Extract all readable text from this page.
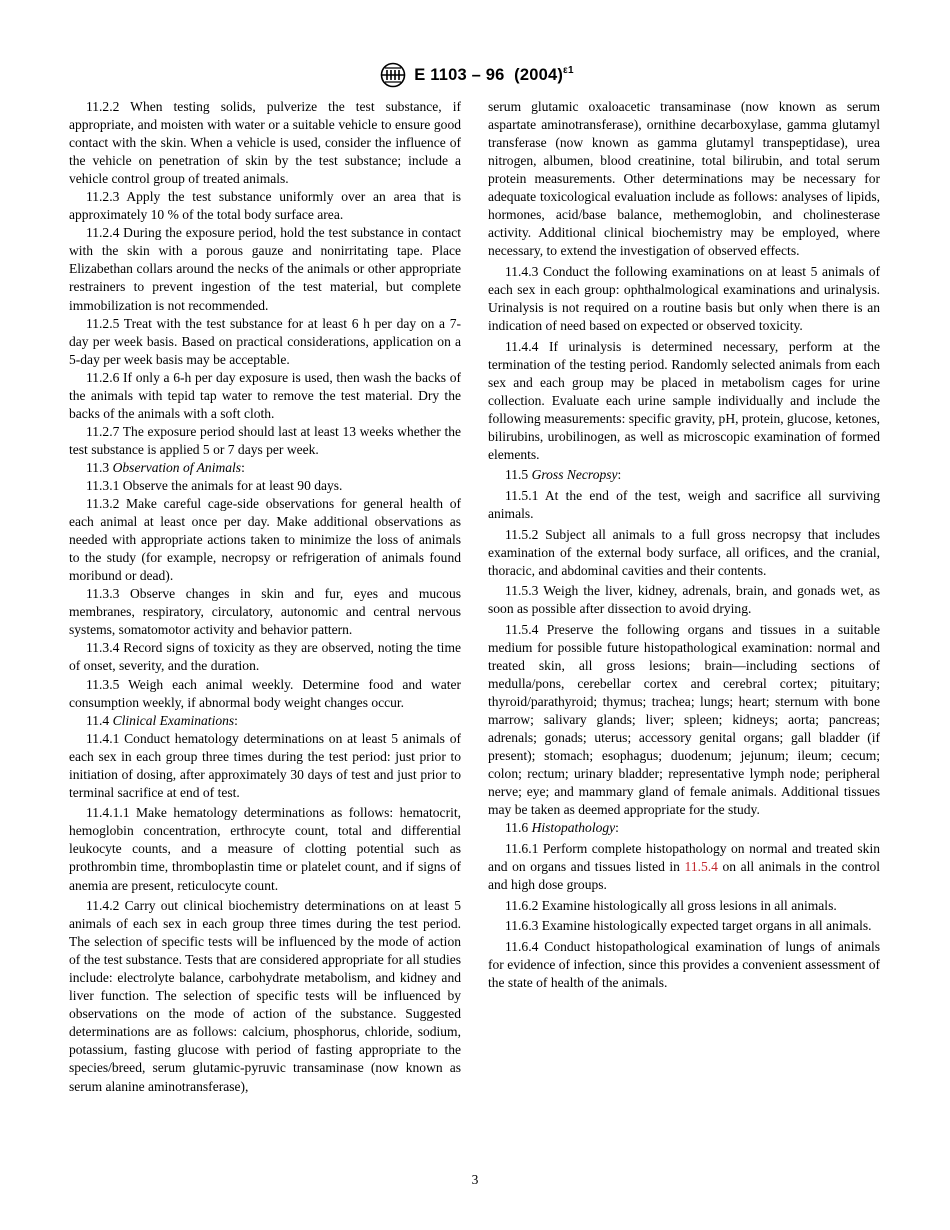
E 1103 – 96 $(2004)^{\varepsilon 1}$

11.2.2 When testing solids, pulverize the test substance, if appropriate, and moisten with water or a suitable vehicle to ensure good contact with the skin. When a vehicle is used, consider the influence of the vehicle on penetration of skin by the test substance; include a vehicle control group of treated animals.

11.2.3 Apply the test substance uniformly over an area that is approximately 10 % of the total body surface area.

11.2.4 During the exposure period, hold the test substance in contact with the skin with a porous gauze and nonirritating tape. Place Elizabethan collars around the necks of the animals or other appropriate restrainers to prevent ingestion of the test material, but complete immobilization is not recommended.

11.2.5 Treat with the test substance for at least 6 h per day on a 7-day per week basis. Based on practical considerations, application on a 5-day per week basis may be acceptable.

11.2.6 If only a 6-h per day exposure is used, then wash the backs of the animals with tepid tap water to remove the test material. Dry the backs of the animals with a soft cloth.

11.2.7 The exposure period should last at least 13 weeks whether the test substance is applied 5 or 7 days per week.

11.3 Observation of Animals:

11.3.1 Observe the animals for at least 90 days.

11.3.2 Make careful cage-side observations for general health of each animal at least once per day. Make additional observations as needed with appropriate actions taken to minimize the loss of animals to the study (for example, necropsy or refrigeration of animals found moribund or dead).

11.3.3 Observe changes in skin and fur, eyes and mucous membranes, respiratory, circulatory, autonomic and central nervous systems, somatomotor activity and behavior pattern.

11.3.4 Record signs of toxicity as they are observed, noting the time of onset, severity, and the duration.

11.3.5 Weigh each animal weekly. Determine food and water consumption weekly, if abnormal body weight changes occur.

11.4 Clinical Examinations:

11.4.1 Conduct hematology determinations on at least 5 animals of each sex in each group three times during the test period: just prior to initiation of dosing, after approximately 30 days of test and just prior to terminal sacrifice at end of test.

11.4.1.1 Make hematology determinations as follows: hematocrit, hemoglobin concentration, erthrocyte count, total and differential leukocyte counts, and a measure of clotting potential such as prothrombin time, thromboplastin time or platelet count, and if signs of anemia are present, reticulocyte count.

11.4.2 Carry out clinical biochemistry determinations on at least 5 animals of each sex in each group three times during the test period. The selection of specific tests will be influenced by the mode of action of the test substance. Tests that are considered appropriate for all studies include: electrolyte balance, carbohydrate metabolism, and kidney and liver function. The selection of specific tests will be influenced by observations on the mode of action of the substance. Suggested determinations are as follows: calcium, phosphorus, chloride, sodium, potassium, fasting glucose with period of fasting appropriate to the species/breed, serum glutamic-pyruvic transaminase (now known as serum alanine aminotransferase),

serum glutamic oxaloacetic transaminase (now known as serum aspartate aminotransferase), ornithine decarboxylase, gamma glutamyl transferase (now known as gamma glutamyl transpeptidase), urea nitrogen, albumen, blood creatinine, total bilirubin, and total serum protein measurements. Other determinations may be necessary for adequate toxicological evaluation include as follows: analyses of lipids, hormones, acid/base balance, methemoglobin, and cholinesterase activity. Additional clinical biochemistry may be employed, where necessary, to extend the investigation of observed effects.

11.4.3 Conduct the following examinations on at least 5 animals of each sex in each group: ophthalmological examinations and urinalysis. Urinalysis is not required on a routine basis but only when there is an indication of need based on expected or observed toxicity.

11.4.4 If urinalysis is determined necessary, perform at the termination of the testing period. Randomly selected animals from each sex and each group may be placed in metabolism cages for urine collection. Evaluate each urine sample individually and include the following measurements: specific gravity, pH, protein, glucose, ketones, bilirubins, urobilinogen, as well as microscopic examination of formed elements.

11.5 Gross Necropsy:

11.5.1 At the end of the test, weigh and sacrifice all surviving animals.

11.5.2 Subject all animals to a full gross necropsy that includes examination of the external body surface, all orifices, and the cranial, thoracic, and abdominal cavities and their contents.

11.5.3 Weigh the liver, kidney, adrenals, brain, and gonads wet, as soon as possible after dissection to avoid drying.

11.5.4 Preserve the following organs and tissues in a suitable medium for possible future histopathological examination: normal and treated skin, all gross lesions; brain—including sections of medulla/pons, cerebellar cortex and cerebral cortex; pituitary; thyroid/parathyroid; thymus; trachea; lungs; heart; sternum with bone marrow; salivary glands; liver; spleen; kidneys; aorta; pancreas; adrenals; gonads; uterus; accessory genital organs; gall bladder (if present); stomach; esophagus; duodenum; jejunum; ileum; cecum; colon; rectum; urinary bladder; representative lymph node; peripheral nerve; eye; and mammary gland of female animals. Additional tissues may be taken as deemed appropriate for the study.

11.6 Histopathology:

11.6.1 Perform complete histopathology on normal and treated skin and on organs and tissues listed in 11.5.4 on all animals in the control and high dose groups.

11.6.2 Examine histologically all gross lesions in all animals.

11.6.3 Examine histologically expected target organs in all animals.

11.6.4 Conduct histopathological examination of lungs of animals for evidence of infection, since this provides a convenient assessment of the state of health of the animals.

3
